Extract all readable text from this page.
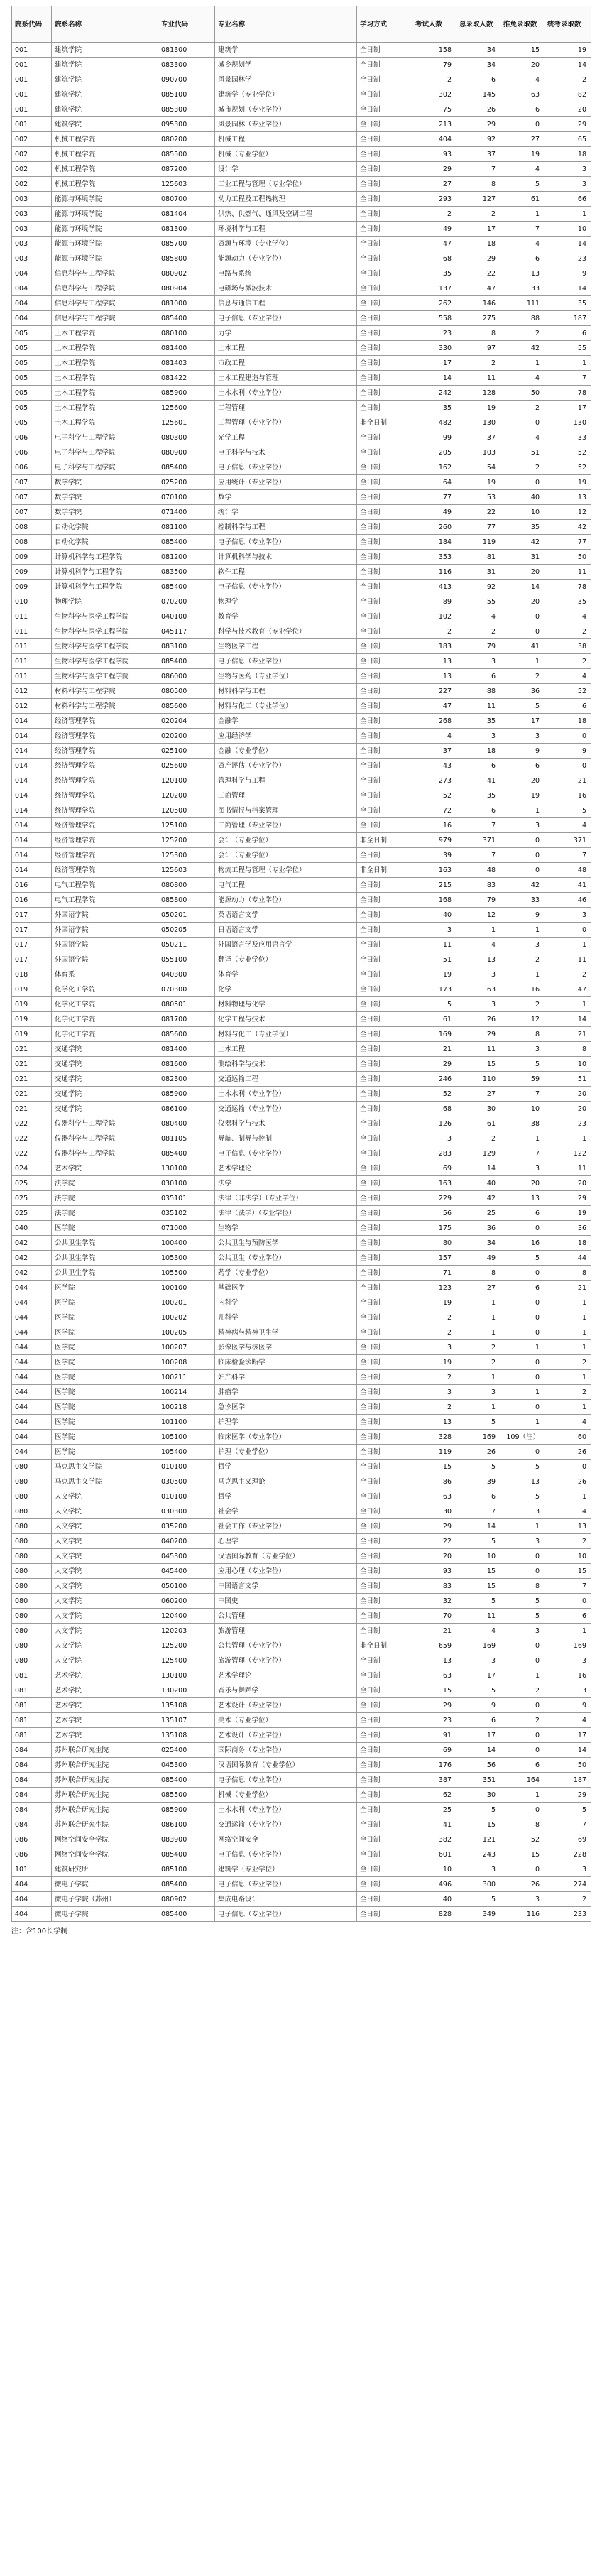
院系代码	院系名称	专业代码	专业名称	学习方式	考试人数	总录取人数	推免录取数	统考录取数
001	建筑学院	081300	建筑学	全日制	158	34	15	19
001	建筑学院	083300	城乡规划学	全日制	79	34	20	14
001	建筑学院	090700	风景园林学	全日制	2	6	4	2
001	建筑学院	085100	建筑学（专业学位）	全日制	302	145	63	82
001	建筑学院	085300	城市规划（专业学位）	全日制	75	26	6	20
001	建筑学院	095300	风景园林（专业学位）	全日制	213	29	0	29
002	机械工程学院	080200	机械工程	全日制	404	92	27	65
002	机械工程学院	085500	机械（专业学位）	全日制	93	37	19	18
002	机械工程学院	087200	设计学	全日制	29	7	4	3
002	机械工程学院	125603	工业工程与管理（专业学位）	全日制	27	8	5	3
003	能源与环境学院	080700	动力工程及工程热物理	全日制	293	127	61	66
003	能源与环境学院	081404	供热、供燃气、通风及空调工程	全日制	2	2	1	1
003	能源与环境学院	081300	环境科学与工程	全日制	49	17	7	10
003	能源与环境学院	085700	资源与环境（专业学位）	全日制	47	18	4	14
003	能源与环境学院	085800	能源动力（专业学位）	全日制	68	29	6	23
004	信息科学与工程学院	080902	电路与系统	全日制	35	22	13	9
004	信息科学与工程学院	080904	电磁场与微波技术	全日制	137	47	33	14
004	信息科学与工程学院	081000	信息与通信工程	全日制	262	146	111	35
004	信息科学与工程学院	085400	电子信息（专业学位）	全日制	558	275	88	187
005	土木工程学院	080100	力学	全日制	23	8	2	6
005	土木工程学院	081400	土木工程	全日制	330	97	42	55
005	土木工程学院	081403	市政工程	全日制	17	2	1	1
005	土木工程学院	081422	土木工程建造与管理	全日制	14	11	4	7
005	土木工程学院	085900	土木水利（专业学位）	全日制	242	128	50	78
005	土木工程学院	125600	工程管理	全日制	35	19	2	17
005	土木工程学院	125601	工程管理（专业学位）	非全日制	482	130	0	130
006	电子科学与工程学院	080300	光学工程	全日制	99	37	4	33
006	电子科学与工程学院	080900	电子科学与技术	全日制	205	103	51	52
006	电子科学与工程学院	085400	电子信息（专业学位）	全日制	162	54	2	52
007	数学学院	025200	应用统计（专业学位）	全日制	64	19	0	19
007	数学学院	070100	数学	全日制	77	53	40	13
007	数学学院	071400	统计学	全日制	49	22	10	12
008	自动化学院	081100	控制科学与工程	全日制	260	77	35	42
008	自动化学院	085400	电子信息（专业学位）	全日制	184	119	42	77
009	计算机科学与工程学院	081200	计算机科学与技术	全日制	353	81	31	50
009	计算机科学与工程学院	083500	软件工程	全日制	116	31	20	11
009	计算机科学与工程学院	085400	电子信息（专业学位）	全日制	413	92	14	78
010	物理学院	070200	物理学	全日制	89	55	20	35
011	生物科学与医学工程学院	040100	教育学	全日制	102	4	0	4
011	生物科学与医学工程学院	045117	科学与技术教育（专业学位）	全日制	2	2	0	2
011	生物科学与医学工程学院	083100	生物医学工程	全日制	183	79	41	38
011	生物科学与医学工程学院	085400	电子信息（专业学位）	全日制	13	3	1	2
011	生物科学与医学工程学院	086000	生物与医药（专业学位）	全日制	13	6	2	4
012	材料科学与工程学院	080500	材料科学与工程	全日制	227	88	36	52
012	材料科学与工程学院	085600	材料与化工（专业学位）	全日制	47	11	5	6
014	经济管理学院	020204	金融学	全日制	268	35	17	18
014	经济管理学院	020200	应用经济学	全日制	4	3	3	0
014	经济管理学院	025100	金融（专业学位）	全日制	37	18	9	9
014	经济管理学院	025600	资产评估（专业学位）	全日制	43	6	6	0
014	经济管理学院	120100	管理科学与工程	全日制	273	41	20	21
014	经济管理学院	120200	工商管理	全日制	52	35	19	16
014	经济管理学院	120500	图书情报与档案管理	全日制	72	6	1	5
014	经济管理学院	125100	工商管理（专业学位）	全日制	16	7	3	4
014	经济管理学院	125200	会计（专业学位）	非全日制	979	371	0	371
014	经济管理学院	125300	会计（专业学位）	全日制	39	7	0	7
014	经济管理学院	125603	物流工程与管理（专业学位）	非全日制	163	48	0	48
016	电气工程学院	080800	电气工程	全日制	215	83	42	41
016	电气工程学院	085800	能源动力（专业学位）	全日制	168	79	33	46
017	外国语学院	050201	英语语言文学	全日制	40	12	9	3
017	外国语学院	050205	日语语言文学	全日制	3	1	1	0
017	外国语学院	050211	外国语言学及应用语言学	全日制	11	4	3	1
017	外国语学院	055100	翻译（专业学位）	全日制	51	13	2	11
018	体育系	040300	体育学	全日制	19	3	1	2
019	化学化工学院	070300	化学	全日制	173	63	16	47
019	化学化工学院	080501	材料物理与化学	全日制	5	3	2	1
019	化学化工学院	081700	化学工程与技术	全日制	61	26	12	14
019	化学化工学院	085600	材料与化工（专业学位）	全日制	169	29	8	21
021	交通学院	081400	土木工程	全日制	21	11	3	8
021	交通学院	081600	测绘科学与技术	全日制	29	15	5	10
021	交通学院	082300	交通运输工程	全日制	246	110	59	51
021	交通学院	085900	土木水利（专业学位）	全日制	52	27	7	20
021	交通学院	086100	交通运输（专业学位）	全日制	68	30	10	20
022	仪器科学与工程学院	080400	仪器科学与技术	全日制	126	61	38	23
022	仪器科学与工程学院	081105	导航、制导与控制	全日制	3	2	1	1
022	仪器科学与工程学院	085400	电子信息（专业学位）	全日制	283	129	7	122
024	艺术学院	130100	艺术学理论	全日制	69	14	3	11
025	法学院	030100	法学	全日制	163	40	20	20
025	法学院	035101	法律（非法学）（专业学位）	全日制	229	42	13	29
025	法学院	035102	法律（法学）（专业学位）	全日制	56	25	6	19
040	医学院	071000	生物学	全日制	175	36	0	36
042	公共卫生学院	100400	公共卫生与预防医学	全日制	80	34	16	18
042	公共卫生学院	105300	公共卫生（专业学位）	全日制	157	49	5	44
042	公共卫生学院	105500	药学（专业学位）	全日制	71	8	0	8
044	医学院	100100	基础医学	全日制	123	27	6	21
044	医学院	100201	内科学	全日制	19	1	0	1
044	医学院	100202	儿科学	全日制	2	1	0	1
044	医学院	100205	精神病与精神卫生学	全日制	2	1	0	1
044	医学院	100207	影像医学与核医学	全日制	3	2	1	1
044	医学院	100208	临床检验诊断学	全日制	19	2	0	2
044	医学院	100211	妇产科学	全日制	2	1	0	1
044	医学院	100214	肿瘤学	全日制	3	3	1	2
044	医学院	100218	急诊医学	全日制	2	1	0	1
044	医学院	101100	护理学	全日制	13	5	1	4
044	医学院	105100	临床医学（专业学位）	全日制	328	169	109（注）	60
044	医学院	105400	护理（专业学位）	全日制	119	26	0	26
080	马克思主义学院	010100	哲学	全日制	15	5	5	0
080	马克思主义学院	030500	马克思主义理论	全日制	86	39	13	26
080	人文学院	010100	哲学	全日制	63	6	5	1
080	人文学院	030300	社会学	全日制	30	7	3	4
080	人文学院	035200	社会工作（专业学位）	全日制	29	14	1	13
080	人文学院	040200	心理学	全日制	22	5	3	2
080	人文学院	045300	汉语国际教育（专业学位）	全日制	20	10	0	10
080	人文学院	045400	应用心理（专业学位）	全日制	93	15	0	15
080	人文学院	050100	中国语言文学	全日制	83	15	8	7
080	人文学院	060200	中国史	全日制	32	5	5	0
080	人文学院	120400	公共管理	全日制	70	11	5	6
080	人文学院	120203	旅游管理	全日制	21	4	3	1
080	人文学院	125200	公共管理（专业学位）	非全日制	659	169	0	169
080	人文学院	125400	旅游管理（专业学位）	全日制	13	3	0	3
081	艺术学院	130100	艺术学理论	全日制	63	17	1	16
081	艺术学院	130200	音乐与舞蹈学	全日制	15	5	2	3
081	艺术学院	135108	艺术设计（专业学位）	全日制	29	9	0	9
081	艺术学院	135107	美术（专业学位）	全日制	23	6	2	4
081	艺术学院	135108	艺术设计（专业学位）	全日制	91	17	0	17
084	苏州联合研究生院	025400	国际商务（专业学位）	全日制	69	14	0	14
084	苏州联合研究生院	045300	汉语国际教育（专业学位）	全日制	176	56	6	50
084	苏州联合研究生院	085400	电子信息（专业学位）	全日制	387	351	164	187
084	苏州联合研究生院	085500	机械（专业学位）	全日制	62	30	1	29
084	苏州联合研究生院	085900	土木水利（专业学位）	全日制	25	5	0	5
084	苏州联合研究生院	086100	交通运输（专业学位）	全日制	41	15	8	7
086	网络空间安全学院	083900	网络空间安全	全日制	382	121	52	69
086	网络空间安全学院	085400	电子信息（专业学位）	全日制	601	243	15	228
101	建筑研究所	085100	建筑学（专业学位）	全日制	10	3	0	3
404	微电子学院	085400	电子信息（专业学位）	全日制	496	300	26	274
404	微电子学院（苏州）	080902	集成电路设计	全日制	40	5	3	2
404	微电子学院	085400	电子信息（专业学位）	全日制	828	349	116	233
注：含100长学制
